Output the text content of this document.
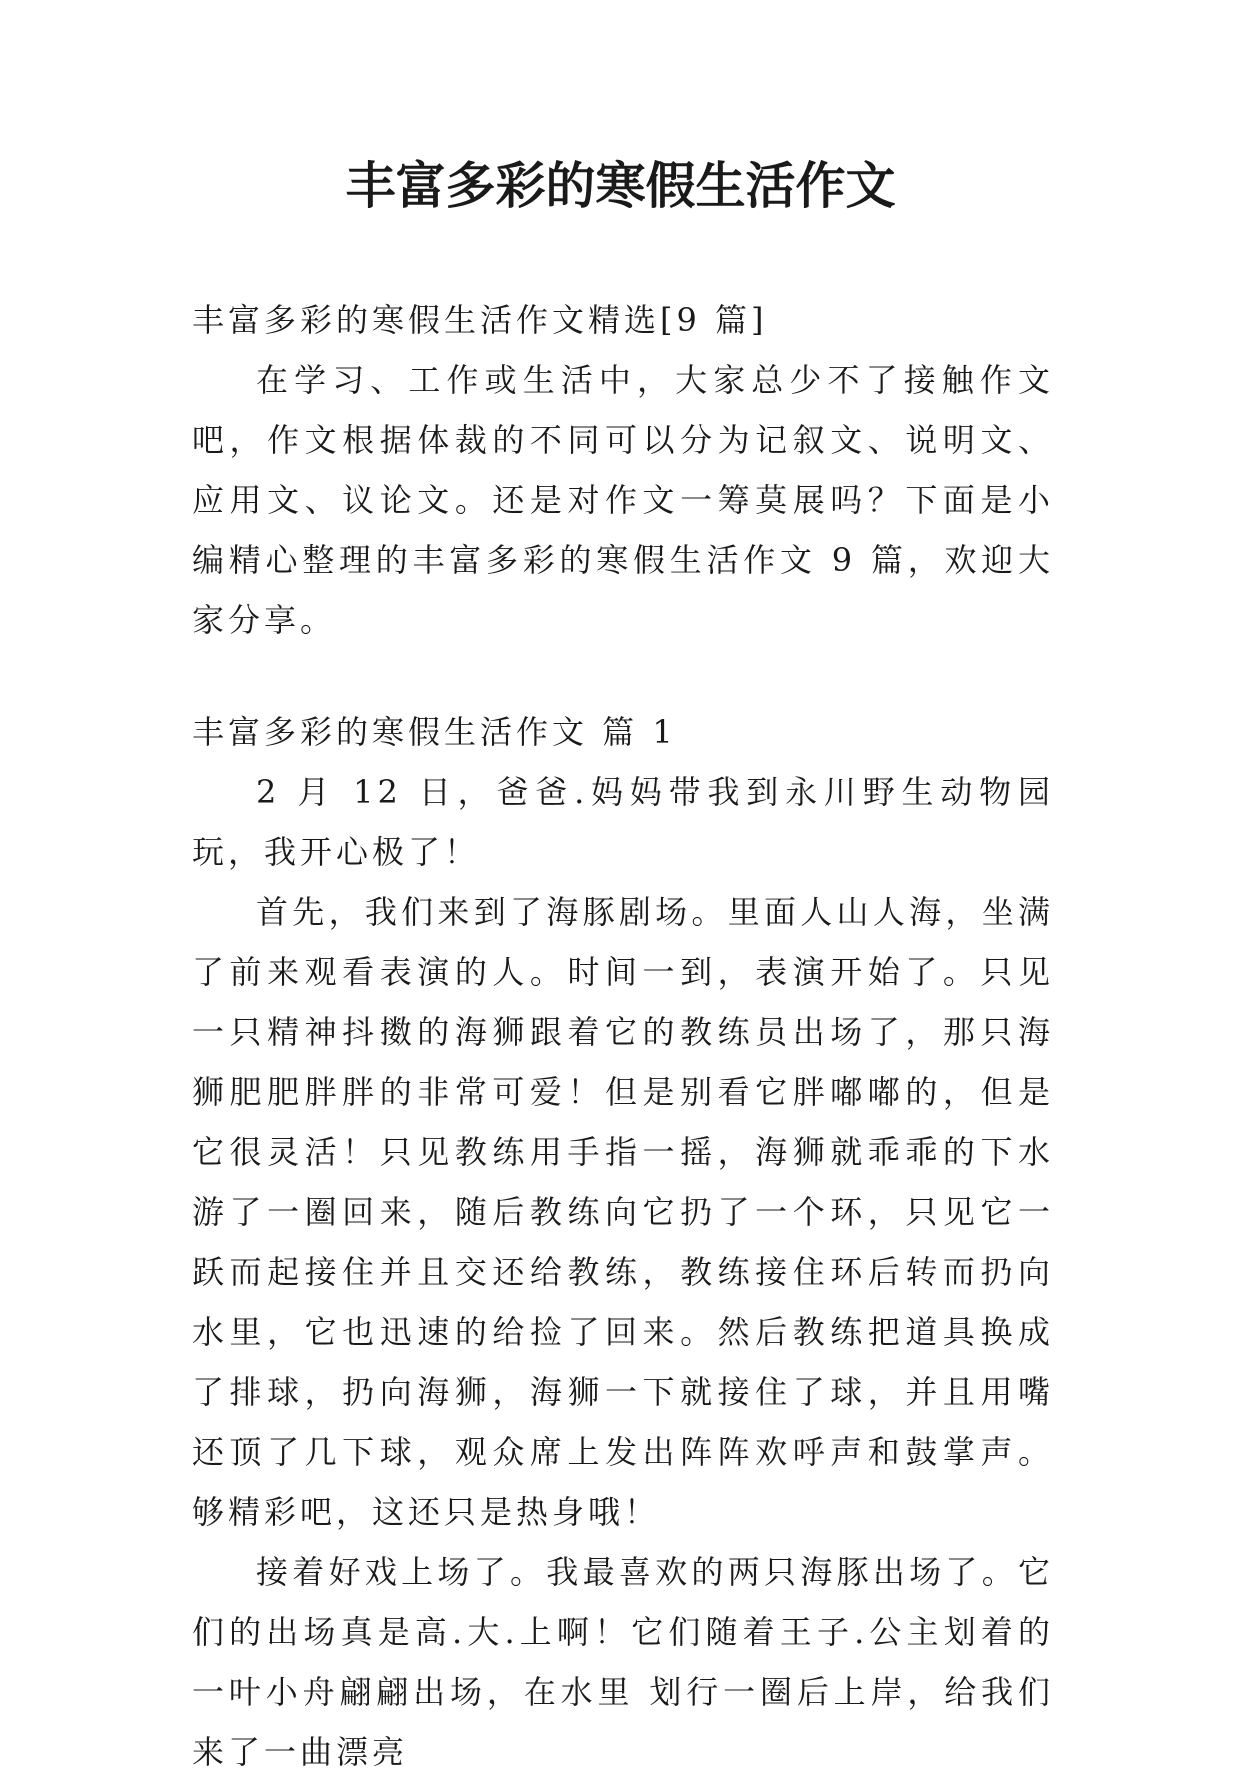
丰富多彩的寒假生活作文

丰富多彩的寒假生活作文精选[9 篇]

在学习、工作或生活中，大家总少不了接触作文吧，作文根据体裁的不同可以分为记叙文、说明文、应用文、议论文。还是对作文一筹莫展吗？下面是小编精心整理的丰富多彩的寒假生活作文 9 篇，欢迎大家分享。

丰富多彩的寒假生活作文 篇 1

2 月 12 日，爸爸.妈妈带我到永川野生动物园玩，我开心极了！

首先，我们来到了海豚剧场。里面人山人海，坐满了前来观看表演的人。时间一到，表演开始了。只见一只精神抖擞的海狮跟着它的教练员出场了，那只海狮肥肥胖胖的非常可爱！但是别看它胖嘟嘟的，但是它很灵活！只见教练用手指一摇，海狮就乖乖的下水游了一圈回来，随后教练向它扔了一个环，只见它一跃而起接住并且交还给教练，教练接住环后转而扔向水里，它也迅速的给捡了回来。然后教练把道具换成了排球，扔向海狮，海狮一下就接住了球，并且用嘴还顶了几下球，观众席上发出阵阵欢呼声和鼓掌声。够精彩吧，这还只是热身哦！

接着好戏上场了。我最喜欢的两只海豚出场了。它们的出场真是高.大.上啊！它们随着王子.公主划着的一叶小舟翩翩出场，在水里 划行一圈后上岸，给我们来了一曲漂亮
